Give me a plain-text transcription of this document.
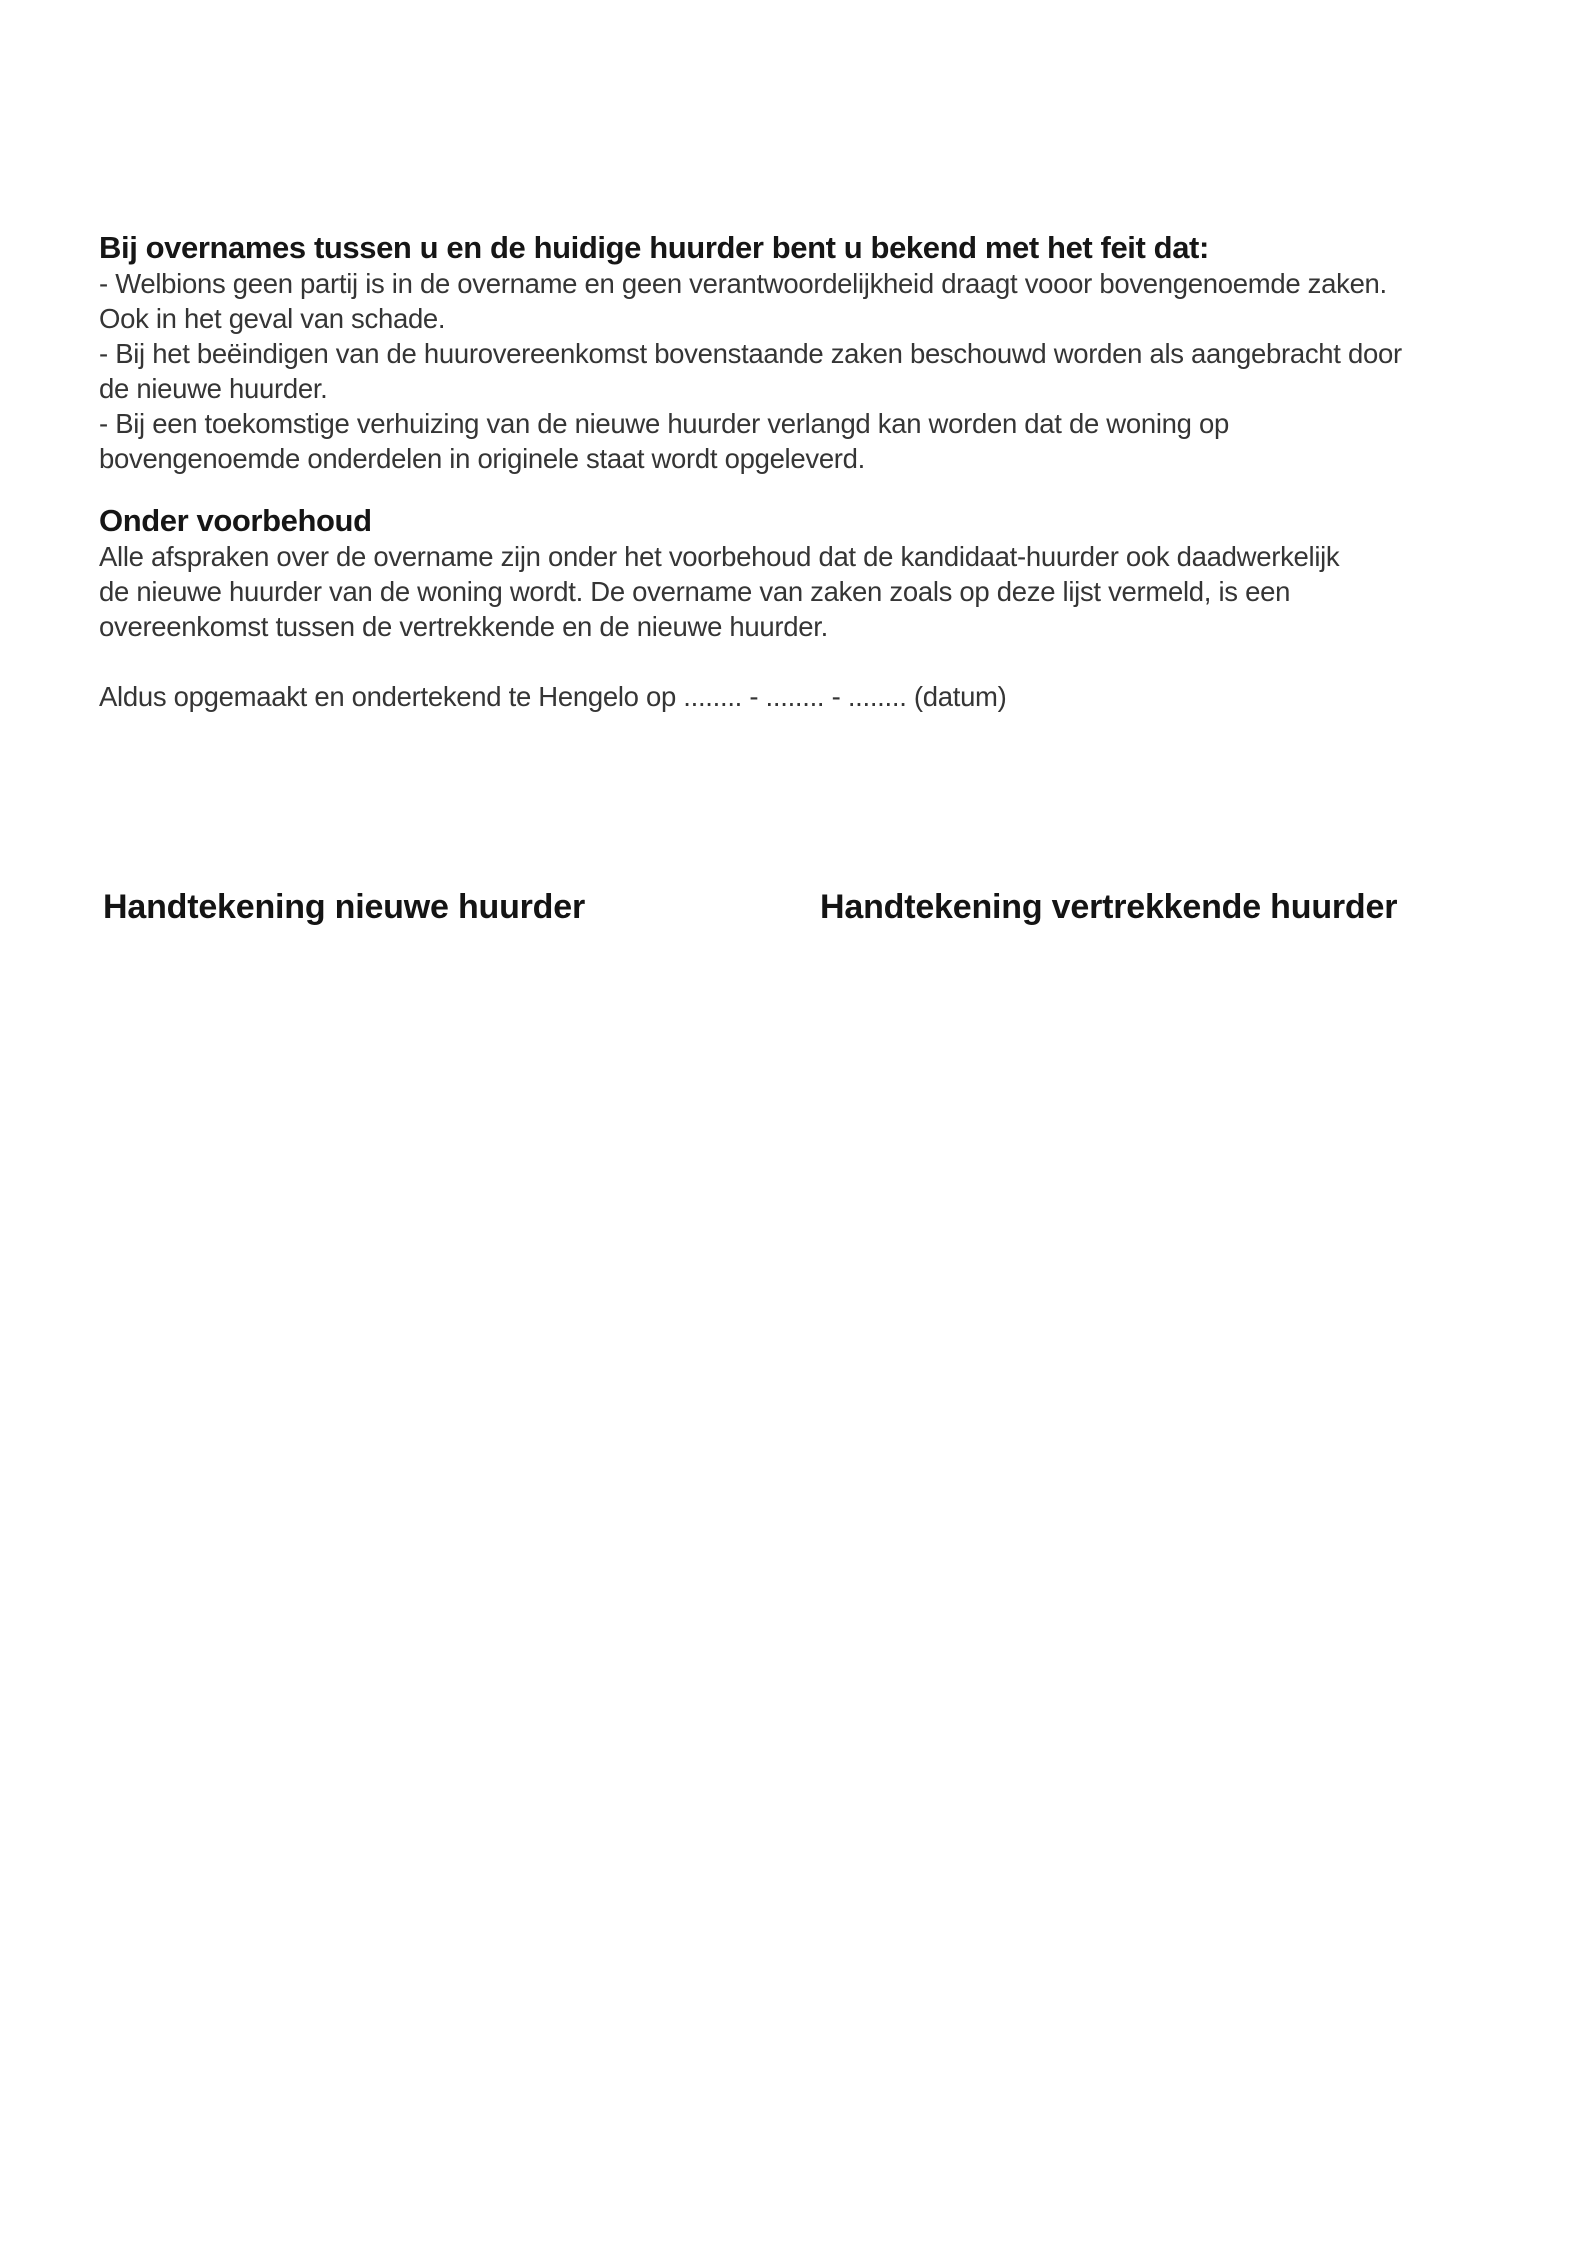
Bij overnames tussen u en de huidige huurder bent u bekend met het feit dat:
- Welbions geen partij is in de overname en geen verantwoordelijkheid draagt vooor bovengenoemde zaken.
Ook in het geval van schade.
- Bij het beëindigen van de huurovereenkomst bovenstaande zaken beschouwd worden als aangebracht door
de nieuwe huurder.
- Bij een toekomstige verhuizing van de nieuwe huurder verlangd kan worden dat de woning op
bovengenoemde onderdelen in originele staat wordt opgeleverd.
Onder voorbehoud
Alle afspraken over de overname zijn onder het voorbehoud dat de kandidaat-huurder ook daadwerkelijk
de nieuwe huurder van de woning wordt. De overname van zaken zoals op deze lijst vermeld, is een
overeenkomst tussen de vertrekkende en de nieuwe huurder.
Aldus opgemaakt en ondertekend te Hengelo op ........ - ........ - ........ (datum)
Handtekening nieuwe huurder	Handtekening vertrekkende huurder
